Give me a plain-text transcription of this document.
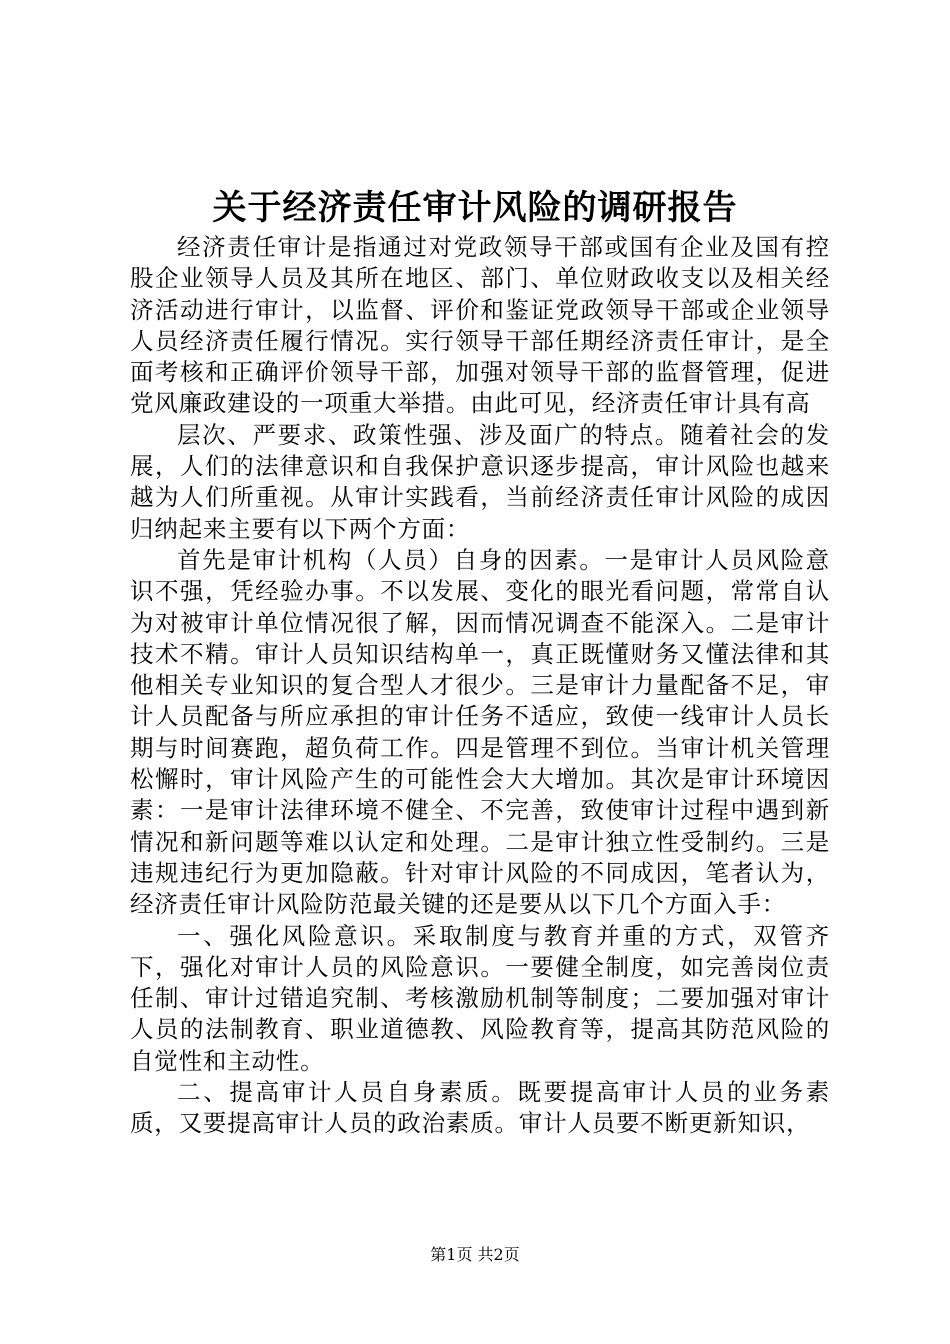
关于经济责任审计风险的调研报告

经济责任审计是指通过对党政领导干部或国有企业及国有控股企业领导人员及其所在地区、部门、单位财政收支以及相关经济活动进行审计，以监督、评价和鉴证党政领导干部或企业领导人员经济责任履行情况。实行领导干部任期经济责任审计，是全面考核和正确评价领导干部，加强对领导干部的监督管理，促进党风廉政建设的一项重大举措。由此可见，经济责任审计具有高

层次、严要求、政策性强、涉及面广的特点。随着社会的发展，人们的法律意识和自我保护意识逐步提高，审计风险也越来越为人们所重视。从审计实践看，当前经济责任审计风险的成因归纳起来主要有以下两个方面：

首先是审计机构（人员）自身的因素。一是审计人员风险意识不强，凭经验办事。不以发展、变化的眼光看问题，常常自认为对被审计单位情况很了解，因而情况调查不能深入。二是审计技术不精。审计人员知识结构单一，真正既懂财务又懂法律和其他相关专业知识的复合型人才很少。三是审计力量配备不足，审计人员配备与所应承担的审计任务不适应，致使一线审计人员长期与时间赛跑，超负荷工作。四是管理不到位。当审计机关管理松懈时，审计风险产生的可能性会大大增加。其次是审计环境因素：一是审计法律环境不健全、不完善，致使审计过程中遇到新情况和新问题等难以认定和处理。二是审计独立性受制约。三是违规违纪行为更加隐蔽。针对审计风险的不同成因，笔者认为，经济责任审计风险防范最关键的还是要从以下几个方面入手：

一、强化风险意识。采取制度与教育并重的方式，双管齐下，强化对审计人员的风险意识。一要健全制度，如完善岗位责任制、审计过错追究制、考核激励机制等制度；二要加强对审计人员的法制教育、职业道德教、风险教育等，提高其防范风险的自觉性和主动性。

二、提高审计人员自身素质。既要提高审计人员的业务素质，又要提高审计人员的政治素质。审计人员要不断更新知识，

第1页 共2页
